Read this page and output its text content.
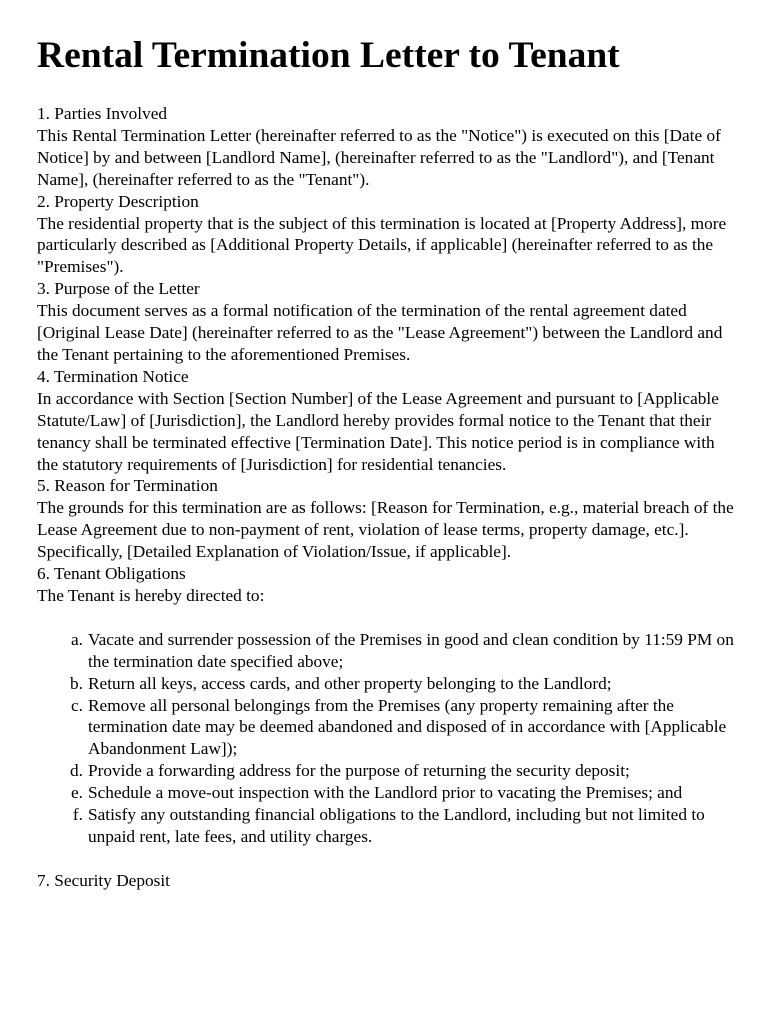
Rental Termination Letter to Tenant

1. Parties Involved

This Rental Termination Letter (hereinafter referred to as the "Notice") is executed on this [Date of Notice] by and between [Landlord Name], (hereinafter referred to as the "Landlord"), and [Tenant Name], (hereinafter referred to as the "Tenant").

2. Property Description

The residential property that is the subject of this termination is located at [Property Address], more particularly described as [Additional Property Details, if applicable] (hereinafter referred to as the "Premises").

3. Purpose of the Letter

This document serves as a formal notification of the termination of the rental agreement dated [Original Lease Date] (hereinafter referred to as the "Lease Agreement") between the Landlord and the Tenant pertaining to the aforementioned Premises.

4. Termination Notice

In accordance with Section [Section Number] of the Lease Agreement and pursuant to [Applicable Statute/Law] of [Jurisdiction], the Landlord hereby provides formal notice to the Tenant that their tenancy shall be terminated effective [Termination Date]. This notice period is in compliance with the statutory requirements of [Jurisdiction] for residential tenancies.

5. Reason for Termination

The grounds for this termination are as follows: [Reason for Termination, e.g., material breach of the Lease Agreement due to non-payment of rent, violation of lease terms, property damage, etc.]. Specifically, [Detailed Explanation of Violation/Issue, if applicable].

6. Tenant Obligations

The Tenant is hereby directed to:

a. Vacate and surrender possession of the Premises in good and clean condition by 11:59 PM on the termination date specified above;
b. Return all keys, access cards, and other property belonging to the Landlord;
c. Remove all personal belongings from the Premises (any property remaining after the termination date may be deemed abandoned and disposed of in accordance with [Applicable Abandonment Law]);
d. Provide a forwarding address for the purpose of returning the security deposit;
e. Schedule a move-out inspection with the Landlord prior to vacating the Premises; and
f. Satisfy any outstanding financial obligations to the Landlord, including but not limited to unpaid rent, late fees, and utility charges.

7. Security Deposit
